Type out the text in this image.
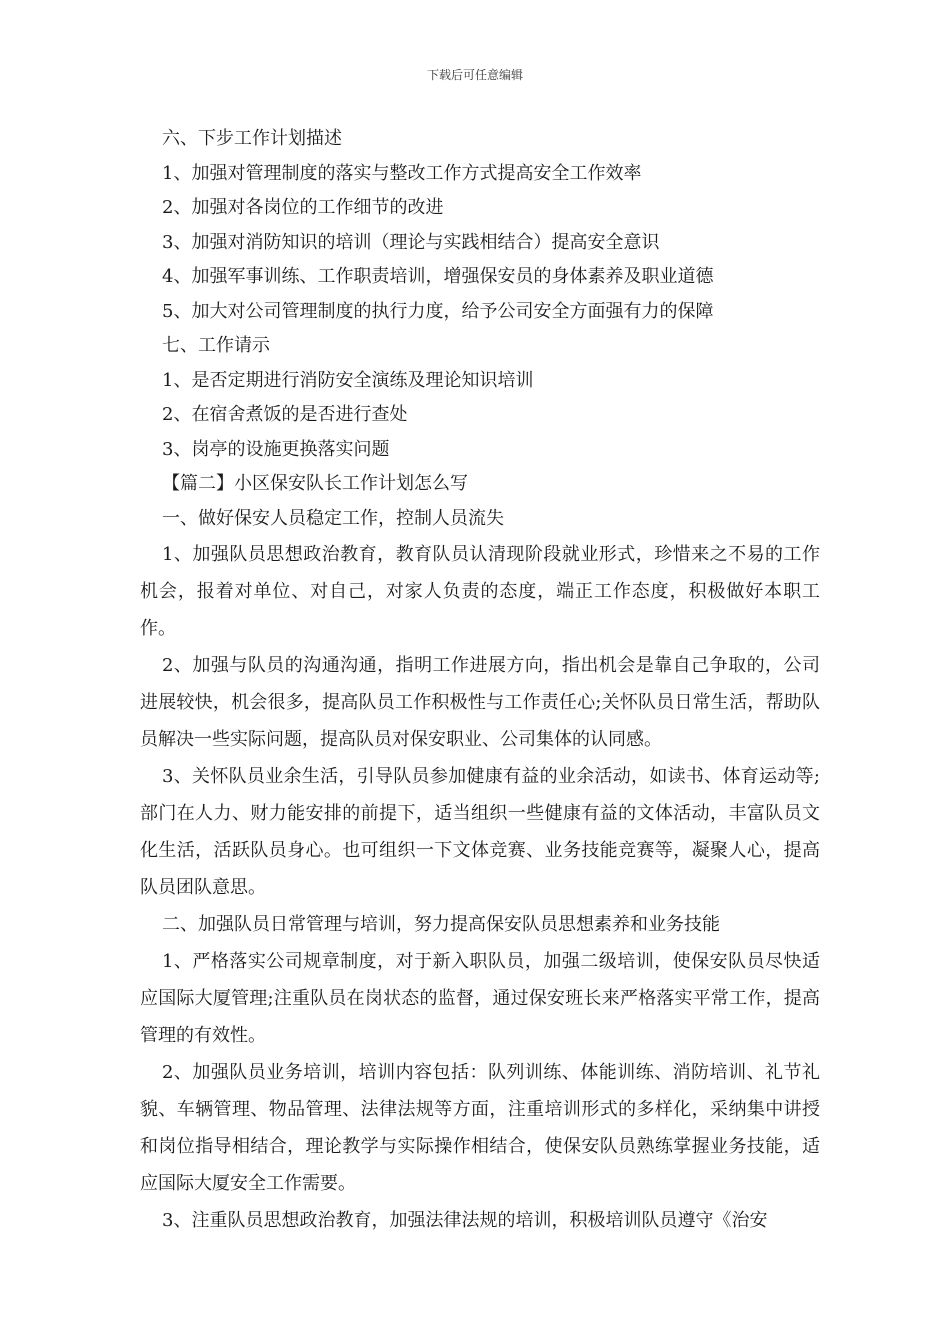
下载后可任意编辑
六、下步工作计划描述
1、加强对管理制度的落实与整改工作方式提高安全工作效率
2、加强对各岗位的工作细节的改进
3、加强对消防知识的培训（理论与实践相结合）提高安全意识
4、加强军事训练、工作职责培训，增强保安员的身体素养及职业道德
5、加大对公司管理制度的执行力度，给予公司安全方面强有力的保障
七、工作请示
1、是否定期进行消防安全演练及理论知识培训
2、在宿舍煮饭的是否进行查处
3、岗亭的设施更换落实问题
【篇二】小区保安队长工作计划怎么写
一、做好保安人员稳定工作，控制人员流失

1、加强队员思想政治教育，教育队员认清现阶段就业形式，珍惜来之不易的工作机会，报着对单位、对自己，对家人负责的态度，端正工作态度，积极做好本职工作。

2、加强与队员的沟通沟通，指明工作进展方向，指出机会是靠自己争取的，公司进展较快，机会很多，提高队员工作积极性与工作责任心;关怀队员日常生活，帮助队员解决一些实际问题，提高队员对保安职业、公司集体的认同感。

3、关怀队员业余生活，引导队员参加健康有益的业余活动，如读书、体育运动等;部门在人力、财力能安排的前提下，适当组织一些健康有益的文体活动，丰富队员文化生活，活跃队员身心。也可组织一下文体竞赛、业务技能竞赛等，凝聚人心，提高队员团队意思。

二、加强队员日常管理与培训，努力提高保安队员思想素养和业务技能

1、严格落实公司规章制度，对于新入职队员，加强二级培训，使保安队员尽快适应国际大厦管理;注重队员在岗状态的监督，通过保安班长来严格落实平常工作，提高管理的有效性。

2、加强队员业务培训，培训内容包括：队列训练、体能训练、消防培训、礼节礼貌、车辆管理、物品管理、法律法规等方面，注重培训形式的多样化，采纳集中讲授和岗位指导相结合，理论教学与实际操作相结合，使保安队员熟练掌握业务技能，适应国际大厦安全工作需要。

3、注重队员思想政治教育，加强法律法规的培训，积极培训队员遵守《治安
